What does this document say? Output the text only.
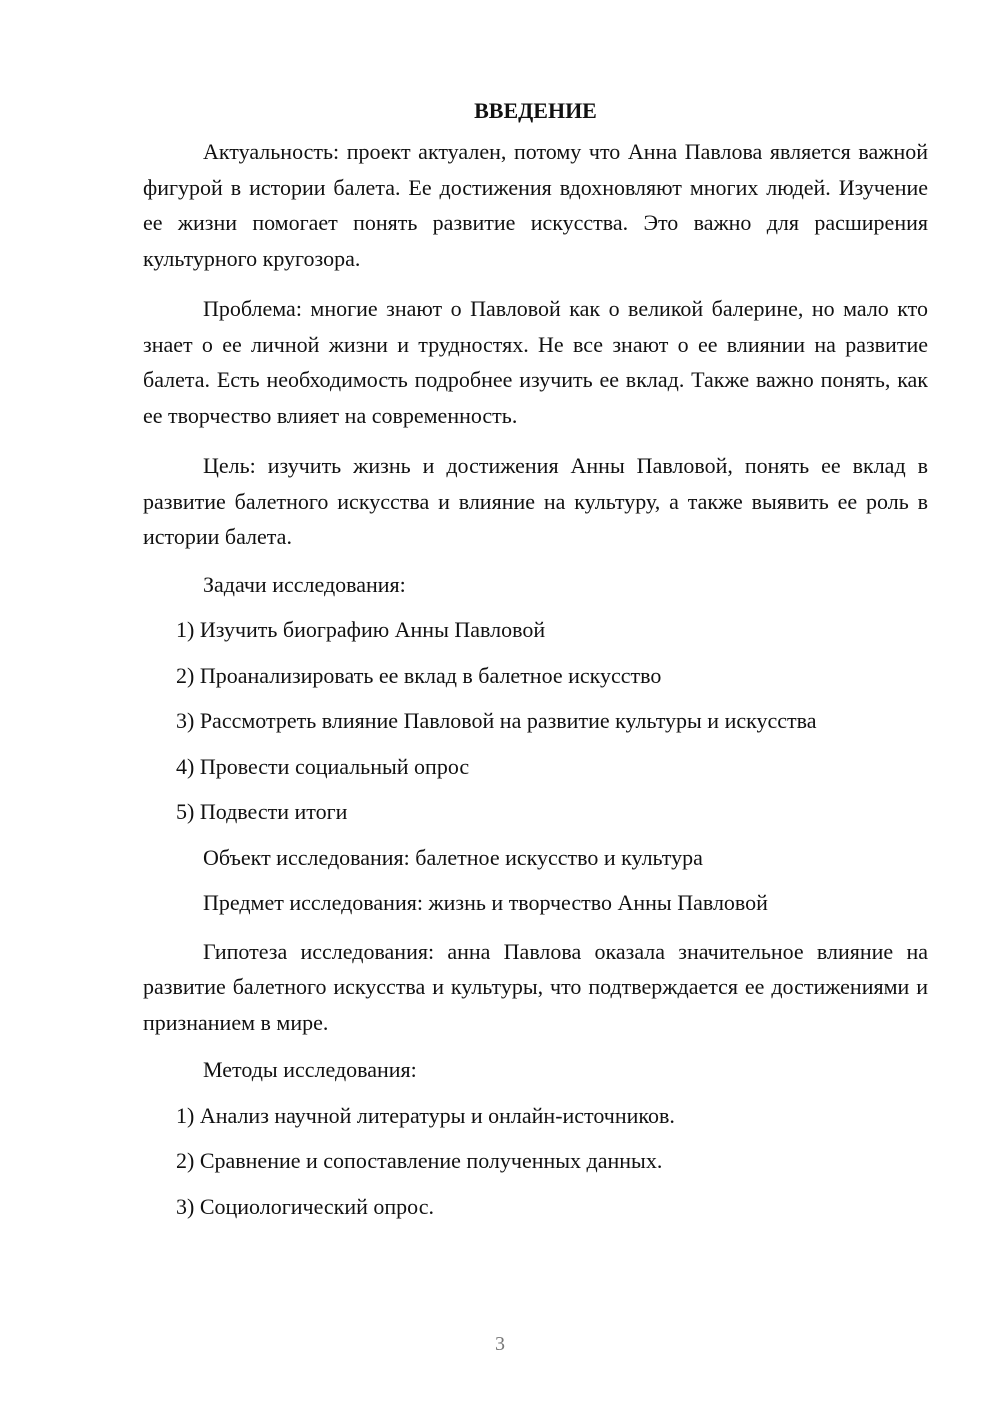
ВВЕДЕНИЕ

Актуальность: проект актуален, потому что Анна Павлова является важной фигурой в истории балета. Ее достижения вдохновляют многих людей. Изучение ее жизни помогает понять развитие искусства. Это важно для расширения культурного кругозора.

Проблема: многие знают о Павловой как о великой балерине, но мало кто знает о ее личной жизни и трудностях. Не все знают о ее влиянии на развитие балета. Есть необходимость подробнее изучить ее вклад. Также важно понять, как ее творчество влияет на современность.

Цель: изучить жизнь и достижения Анны Павловой, понять ее вклад в развитие балетного искусства и влияние на культуру, а также выявить ее роль в истории балета.

Задачи исследования:
1) Изучить биографию Анны Павловой
2) Проанализировать ее вклад в балетное искусство
3) Рассмотреть влияние Павловой на развитие культуры и искусства
4) Провести социальный опрос
5) Подвести итоги
Объект исследования: балетное искусство и культура
Предмет исследования: жизнь и творчество Анны Павловой

Гипотеза исследования: анна Павлова оказала значительное влияние на развитие балетного искусства и культуры, что подтверждается ее достижениями и признанием в мире.

Методы исследования:
1) Анализ научной литературы и онлайн-источников.
2) Сравнение и сопоставление полученных данных.
3) Социологический опрос.
3
